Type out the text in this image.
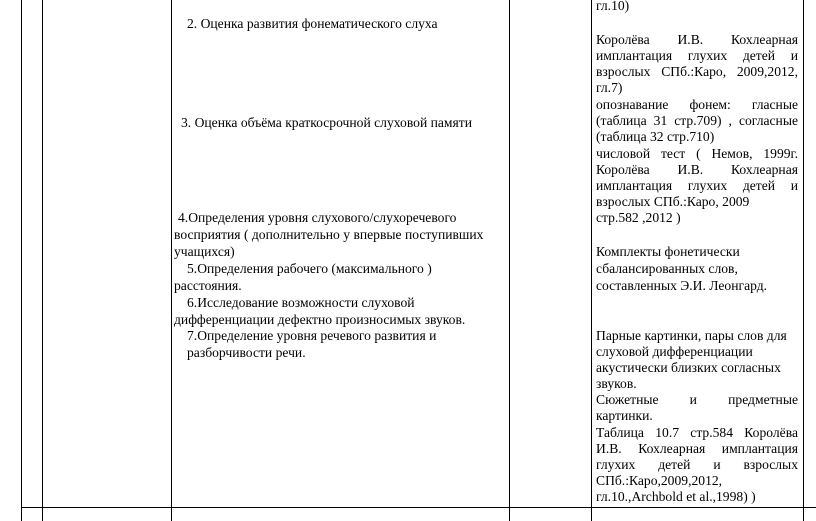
2. Оценка развития фонематического слуха
3. Оценка объёма краткосрочной слуховой памяти
4.Определения уровня слухового/слухоречевого
восприятия ( дополнительно у впервые поступивших
учащихся)
5.Определения рабочего (максимального )
расстояния.
6.Исследование возможности слуховой
дифференциации дефектно произносимых звуков.
7.Определение уровня речевого развития и
разборчивости речи.
гл.10)
Королёва И.В. Кохлеарная
имплантация глухих детей и
взрослых СПб.:Каро, 2009,2012,
гл.7)
опознавание фонем: гласные
(таблица 31 стр.709) , согласные
(таблица 32 стр.710)
числовой тест ( Немов, 1999г.
Королёва И.В. Кохлеарная
имплантация глухих детей и
взрослых СПб.:Каро, 2009
стр.582 ,2012 )
Комплекты фонетически
сбалансированных слов,
составленных Э.И. Леонгард.
Парные картинки, пары слов для
слуховой дифференциации
акустически близких согласных
звуков.
Сюжетные и предметные
картинки.
Таблица 10.7 стр.584 Королёва
И.В. Кохлеарная имплантация
глухих детей и взрослых
СПб.:Каро,2009,2012,
гл.10.,Archbold et al.,1998) )
